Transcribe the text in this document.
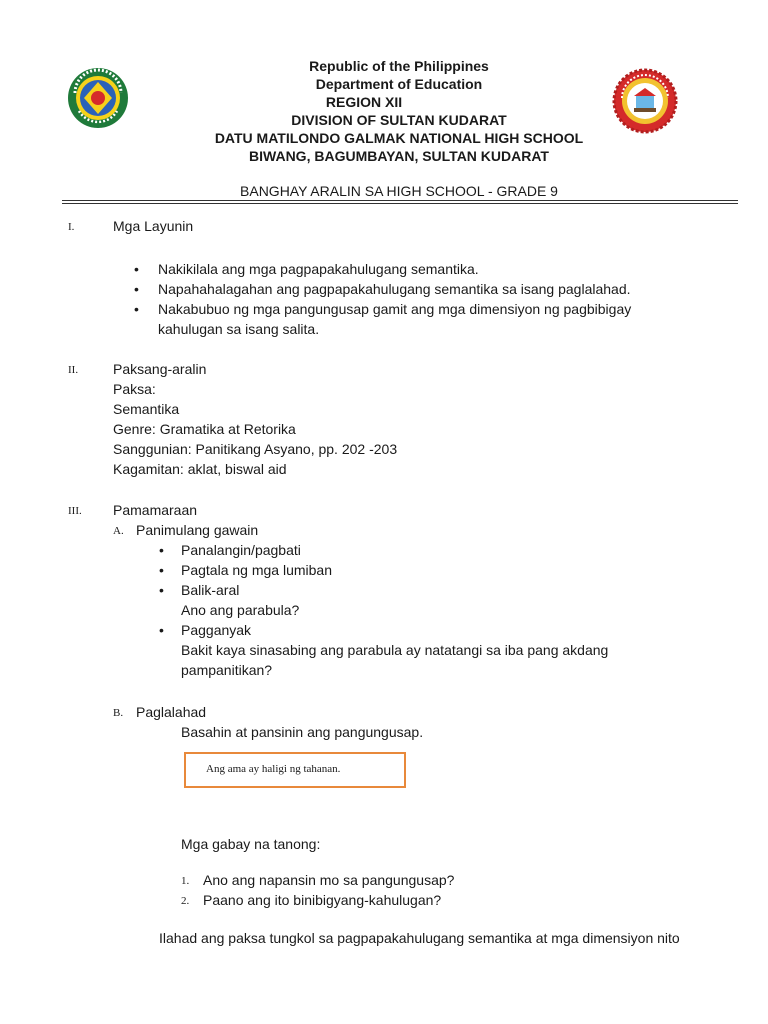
Republic of the Philippines
Department of Education
REGION XII
DIVISION OF SULTAN KUDARAT
DATU MATILONDO GALMAK NATIONAL HIGH SCHOOL
BIWANG, BAGUMBAYAN, SULTAN KUDARAT
BANGHAY ARALIN SA HIGH SCHOOL - GRADE 9
I.	Mga Layunin
• Nakikilala ang mga pagpapakahulugang semantika.
• Napahahalagahan ang pagpapakahulugang semantika sa isang paglalahad.
• Nakabubuo ng mga pangungusap gamit ang mga dimensiyon ng pagbibigay
kahulugan sa isang salita.
II. Paksang-aralin
Paksa:
Semantika
Genre: Gramatika at Retorika
Sanggunian: Panitikang Asyano, pp. 202 -203
Kagamitan: aklat, biswal aid
III. Pamamaraan
A. Panimulang gawain
• Panalangin/pagbati
• Pagtala ng mga lumiban
• Balik-aral
Ano ang parabula?
• Pagganyak
Bakit kaya sinasabing ang parabula ay natatangi sa iba pang akdang
pampanitikan?
B. Paglalahad
Basahin at pansinin ang pangungusap.
Ang ama ay haligi ng tahanan.
Mga gabay na tanong:
1. Ano ang napansin mo sa pangungusap?
2. Paano ang ito binibigyang-kahulugan?
Ilahad ang paksa tungkol sa pagpapakahulugang semantika at mga dimensiyon nito
